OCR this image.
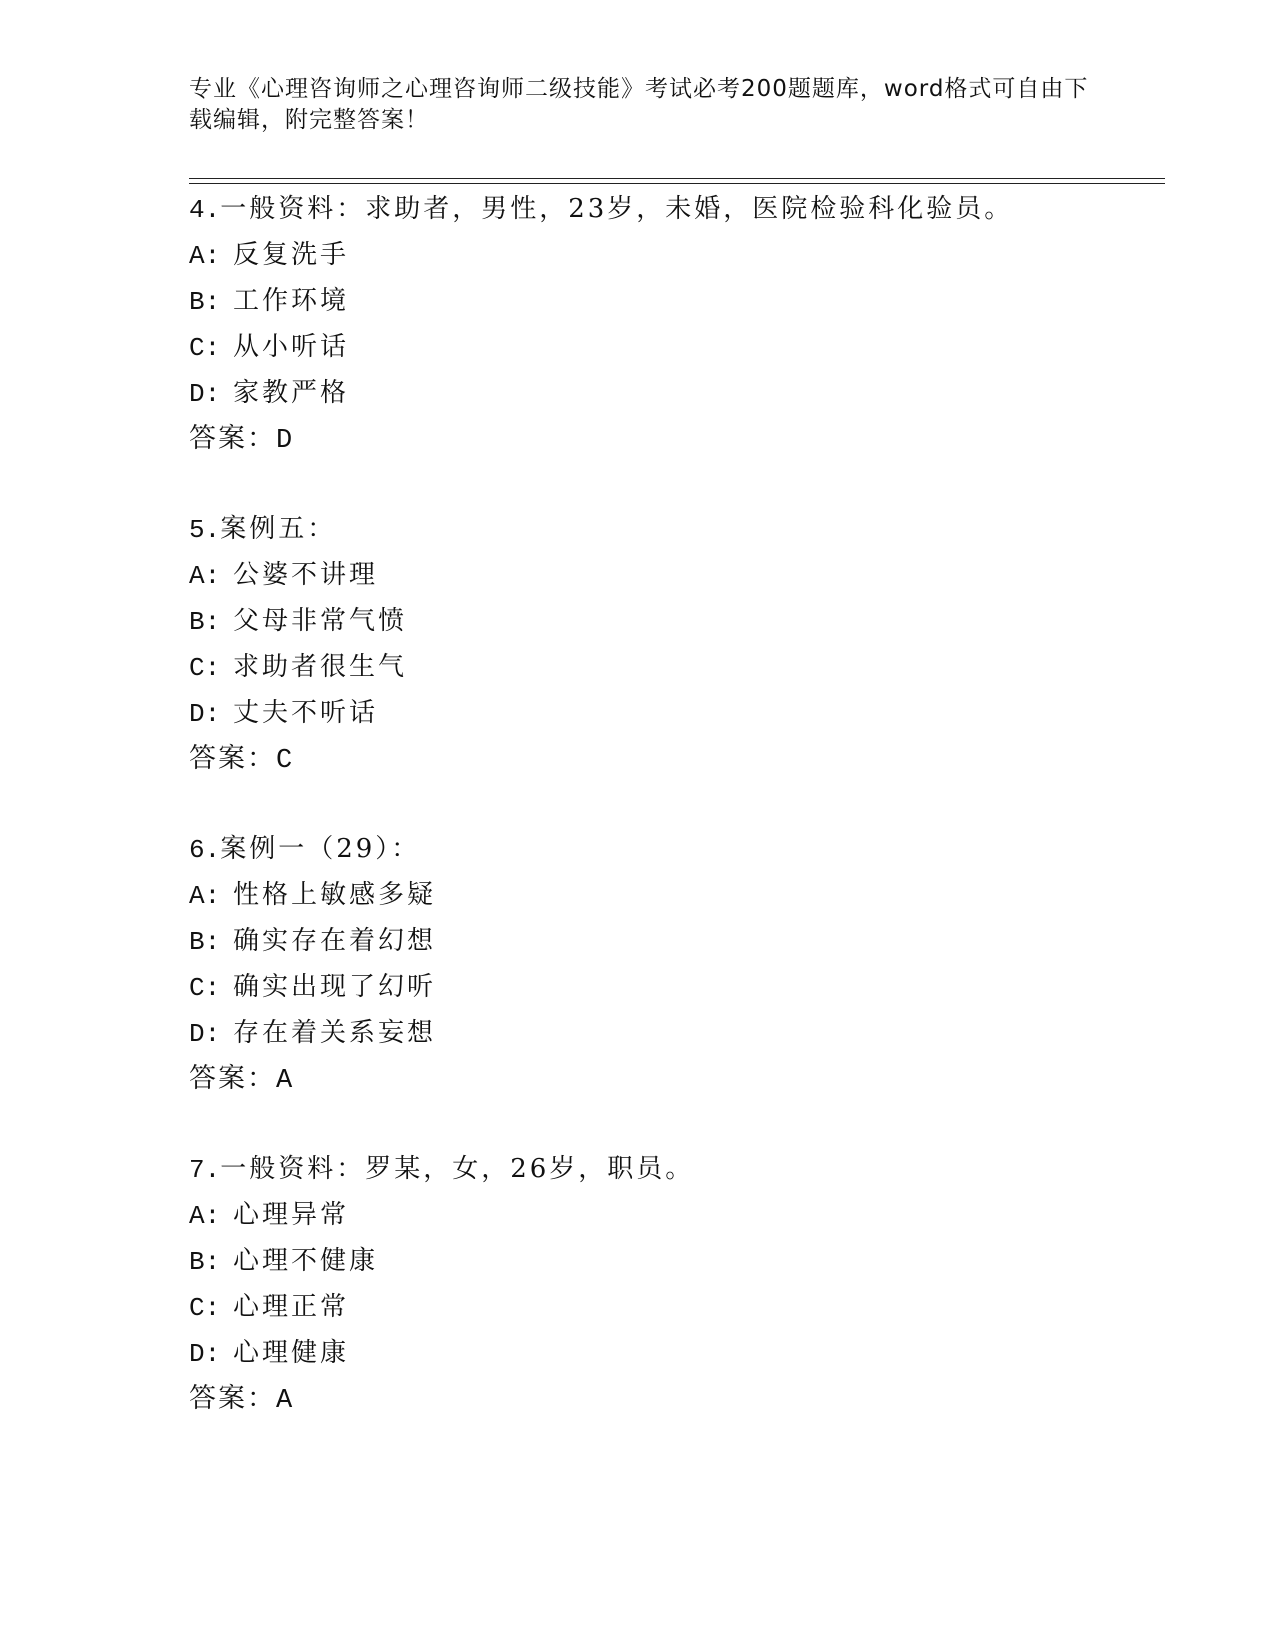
专业《心理咨询师之心理咨询师二级技能》考试必考200题题库，word格式可自由下载编辑，附完整答案！
4.一般资料：求助者，男性，23岁，未婚，医院检验科化验员。
A: 反复洗手
B: 工作环境
C: 从小听话
D: 家教严格
答案：D
5.案例五：
A: 公婆不讲理
B: 父母非常气愤
C: 求助者很生气
D: 丈夫不听话
答案：C
6.案例一（29）：
A: 性格上敏感多疑
B: 确实存在着幻想
C: 确实出现了幻听
D: 存在着关系妄想
答案：A
7.一般资料：罗某，女，26岁，职员。
A: 心理异常
B: 心理不健康
C: 心理正常
D: 心理健康
答案：A
